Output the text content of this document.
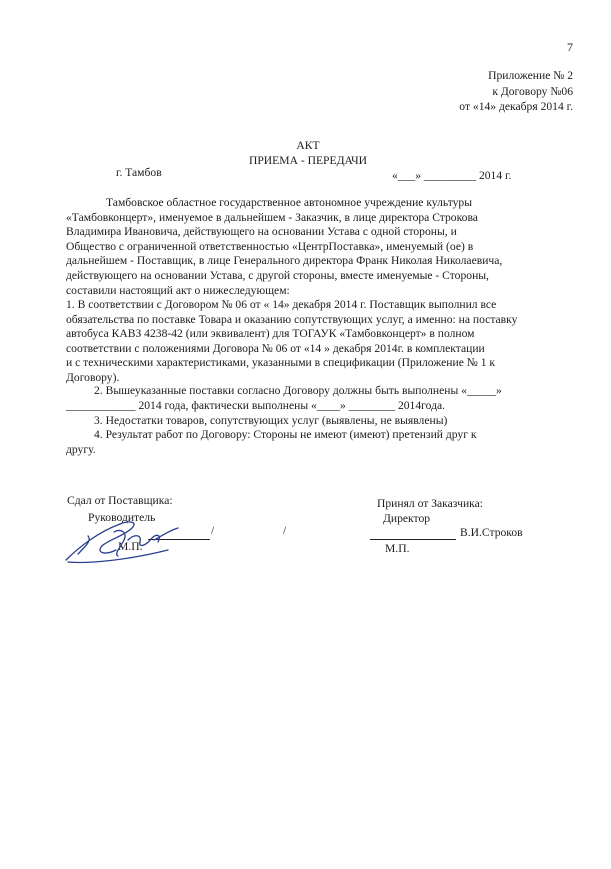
7
Приложение № 2
к Договору №06
от «14» декабря 2014 г.
АКТ
ПРИЕМА - ПЕРЕДАЧИ
г. Тамбов	«___» _________ 2014 г.
Тамбовское областное государственное автономное учреждение культуры
«Тамбовконцерт», именуемое в дальнейшем - Заказчик, в лице директора Строкова
Владимира Ивановича, действующего на основании Устава с одной стороны, и
Общество с ограниченной ответственностью «ЦентрПоставка», именуемый (ое) в
дальнейшем - Поставщик, в лице Генерального директора Франк Николая Николаевича,
действующего на основании Устава, с другой стороны, вместе именуемые - Стороны,
составили настоящий акт о нижеследующем:
1. В соответствии с Договором № 06 от « 14» декабря 2014 г. Поставщик выполнил все
обязательства по поставке Товара и оказанию сопутствующих услуг, а именно: на поставку
автобуса КАВЗ 4238-42 (или эквивалент) для ТОГАУК «Тамбовконцерт» в полном
соответствии с положениями Договора № 06 от «14 » декабря 2014г. в комплектации
и с техническими характеристиками, указанными в спецификации (Приложение № 1 к
Договору).
2. Вышеуказанные поставки согласно Договору должны быть выполнены «_____»
____________ 2014 года, фактически выполнены «____» ________ 2014года.
3. Недостатки товаров, сопутствующих услуг (выявлены, не выявлены)
4. Результат работ по Договору: Стороны не имеют (имеют) претензий друг к
другу.
Сдал от Поставщика:
Руководитель
/	/
М.П.
Принял от Заказчика:
Директор
В.И.Строков
М.П.
